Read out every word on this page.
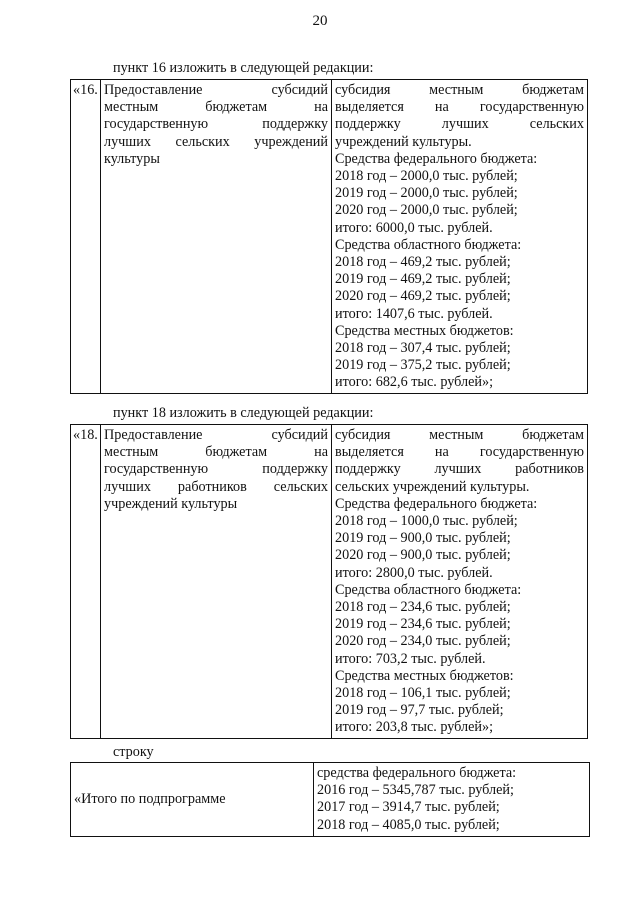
20
пункт 16 изложить в следующей редакции:
«16.	Предоставление субсидий
местным бюджетам на
государственную поддержку
лучших сельских учреждений
культуры

субсидия местным бюджетам
выделяется на государственную
поддержку лучших сельских
учреждений культуры.
Средства федерального бюджета:
2018 год – 2000,0 тыс. рублей;
2019 год – 2000,0 тыс. рублей;
2020 год – 2000,0 тыс. рублей;
итого: 6000,0 тыс. рублей.
Средства областного бюджета:
2018 год – 469,2 тыс. рублей;
2019 год – 469,2 тыс. рублей;
2020 год – 469,2 тыс. рублей;
итого: 1407,6 тыс. рублей.
Средства местных бюджетов:
2018 год – 307,4 тыс. рублей;
2019 год – 375,2 тыс. рублей;
итого: 682,6 тыс. рублей»;
пункт 18 изложить в следующей редакции:
«18.	Предоставление субсидий
местным бюджетам на
государственную поддержку
лучших работников сельских
учреждений культуры

субсидия местным бюджетам
выделяется на государственную
поддержку лучших работников
сельских учреждений культуры.
Средства федерального бюджета:
2018 год – 1000,0 тыс. рублей;
2019 год – 900,0 тыс. рублей;
2020 год – 900,0 тыс. рублей;
итого: 2800,0 тыс. рублей.
Средства областного бюджета:
2018 год – 234,6 тыс. рублей;
2019 год – 234,6 тыс. рублей;
2020 год – 234,0 тыс. рублей;
итого: 703,2 тыс. рублей.
Средства местных бюджетов:
2018 год – 106,1 тыс. рублей;
2019 год – 97,7 тыс. рублей;
итого: 203,8 тыс. рублей»;
строку
«Итого по подпрограмме	
средства федерального бюджета:
2016 год – 5345,787 тыс. рублей;
2017 год – 3914,7 тыс. рублей;
2018 год – 4085,0 тыс. рублей;
